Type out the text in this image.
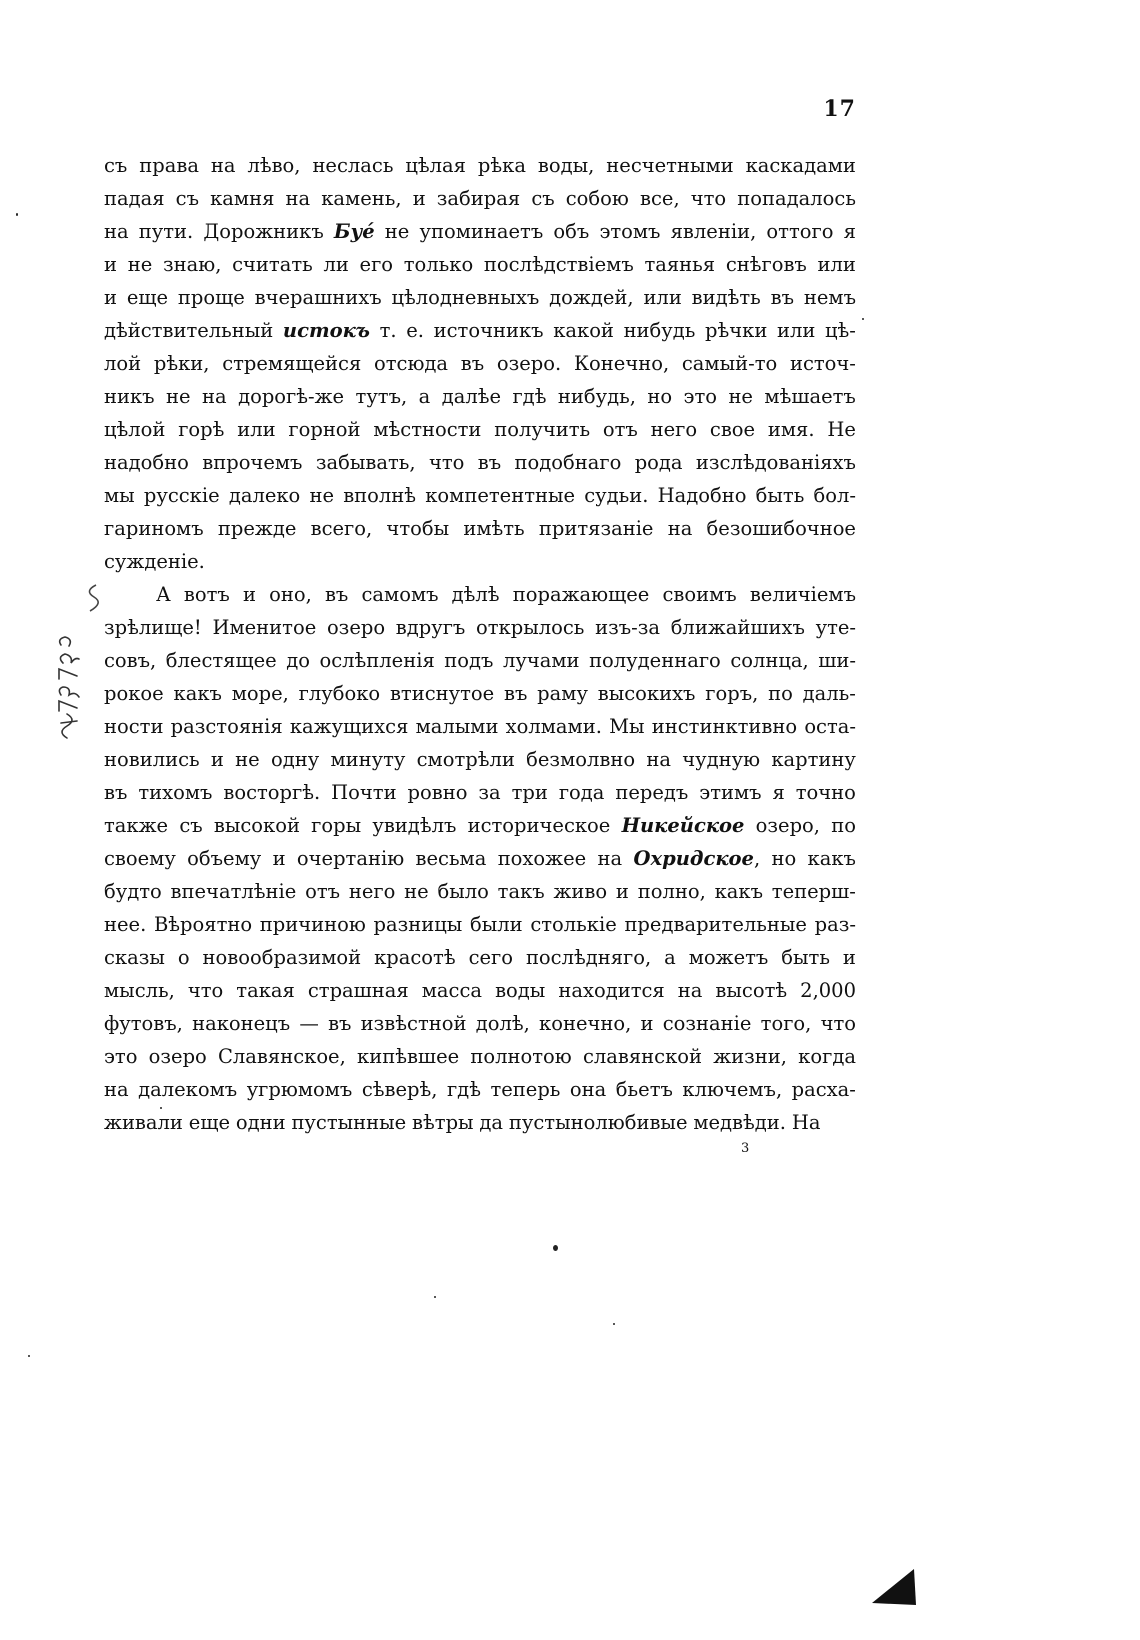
17
съ права на лѣво, неслась цѣлая рѣка воды, несчетными каскадами
падая съ камня на камень, и забирая съ собою все, что попадалось
на пути. Дорожникъ Буé не упоминаетъ объ этомъ явленіи, оттого я
и не знаю, считать ли его только послѣдствіемъ таянья снѣговъ или
и еще проще вчерашнихъ цѣлодневныхъ дождей, или видѣть въ немъ
дѣйствительный истокъ т. е. источникъ какой нибудь рѣчки или цѣ-
лой рѣки, стремящейся отсюда въ озеро. Конечно, самый-то источ-
никъ не на дорогѣ-же тутъ, а далѣе гдѣ нибудь, но это не мѣшаетъ
цѣлой горѣ или горной мѣстности получить отъ него свое имя. Не
надобно впрочемъ забывать, что въ подобнаго рода изслѣдованіяхъ
мы русскіе далеко не вполнѣ компетентные судьи. Надобно быть бол-
гариномъ прежде всего, чтобы имѣть притязаніе на безошибочное
сужденіе.
А вотъ и оно, въ самомъ дѣлѣ поражающее своимъ величіемъ
зрѣлище! Именитое озеро вдругъ открылось изъ-за ближайшихъ уте-
совъ, блестящее до ослѣпленія подъ лучами полуденнаго солнца, ши-
рокое какъ море, глубоко втиснутое въ раму высокихъ горъ, по даль-
ности разстоянія кажущихся малыми холмами. Мы инстинктивно оста-
новились и не одну минуту смотрѣли безмолвно на чудную картину
въ тихомъ восторгѣ. Почти ровно за три года передъ этимъ я точно
также съ высокой горы увидѣлъ историческое Никейское озеро, по
своему объему и очертанію весьма похожее на Охридское, но какъ
будто впечатлѣніе отъ него не было такъ живо и полно, какъ теперш-
нее. Вѣроятно причиною разницы были столькіе предварительные раз-
сказы о новообразимой красотѣ сего послѣдняго, а можетъ быть и
мысль, что такая страшная масса воды находится на высотѣ 2,000
футовъ, наконецъ — въ извѣстной долѣ, конечно, и сознаніе того, что
это озеро Славянское, кипѣвшее полнотою славянской жизни, когда
на далекомъ угрюмомъ сѣверѣ, гдѣ теперь она бьетъ ключемъ, расха-
живали еще одни пустынные вѣтры да пустынолюбивые медвѣди. На
3
